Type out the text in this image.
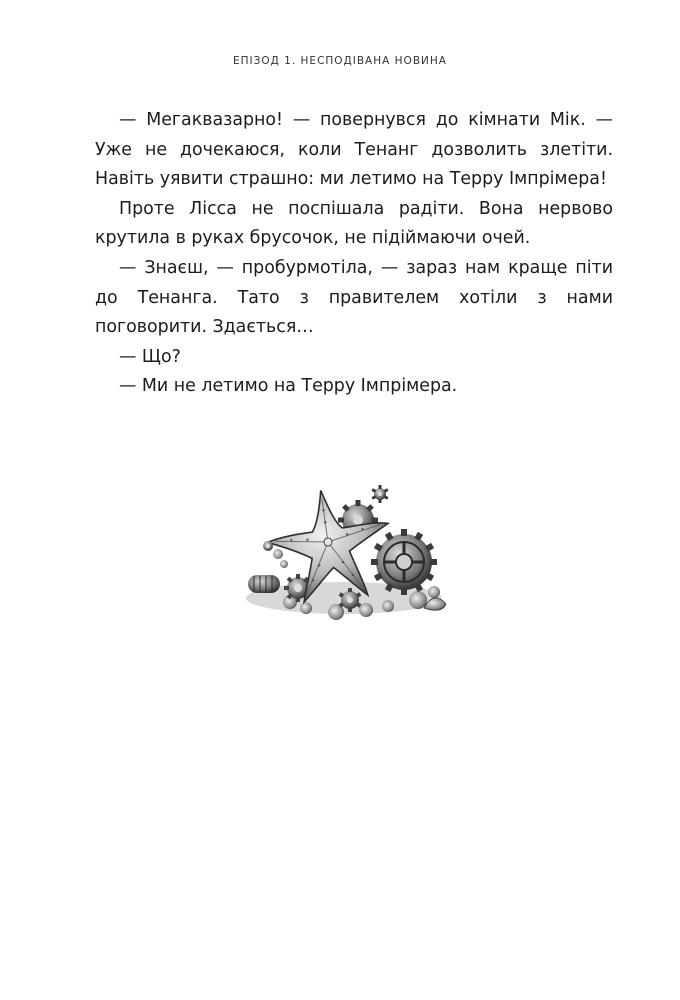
ЕПІЗОД 1. НЕСПОДІВАНА НОВИНА

— Мегаквазарно! — повернувся до кімнати Мік. — Уже не дочекаюся, коли Тенанг дозволить злетіти. Навіть уявити страшно: ми летимо на Терру Імпрімера!

Проте Лісса не поспішала радіти. Вона нервово крутила в руках брусочок, не підіймаючи очей.

— Знаєш, — пробурмотіла, — зараз нам краще піти до Тенанга. Тато з правителем хотіли з нами поговорити. Здається…

— Що?

— Ми не летимо на Терру Імпрімера.
